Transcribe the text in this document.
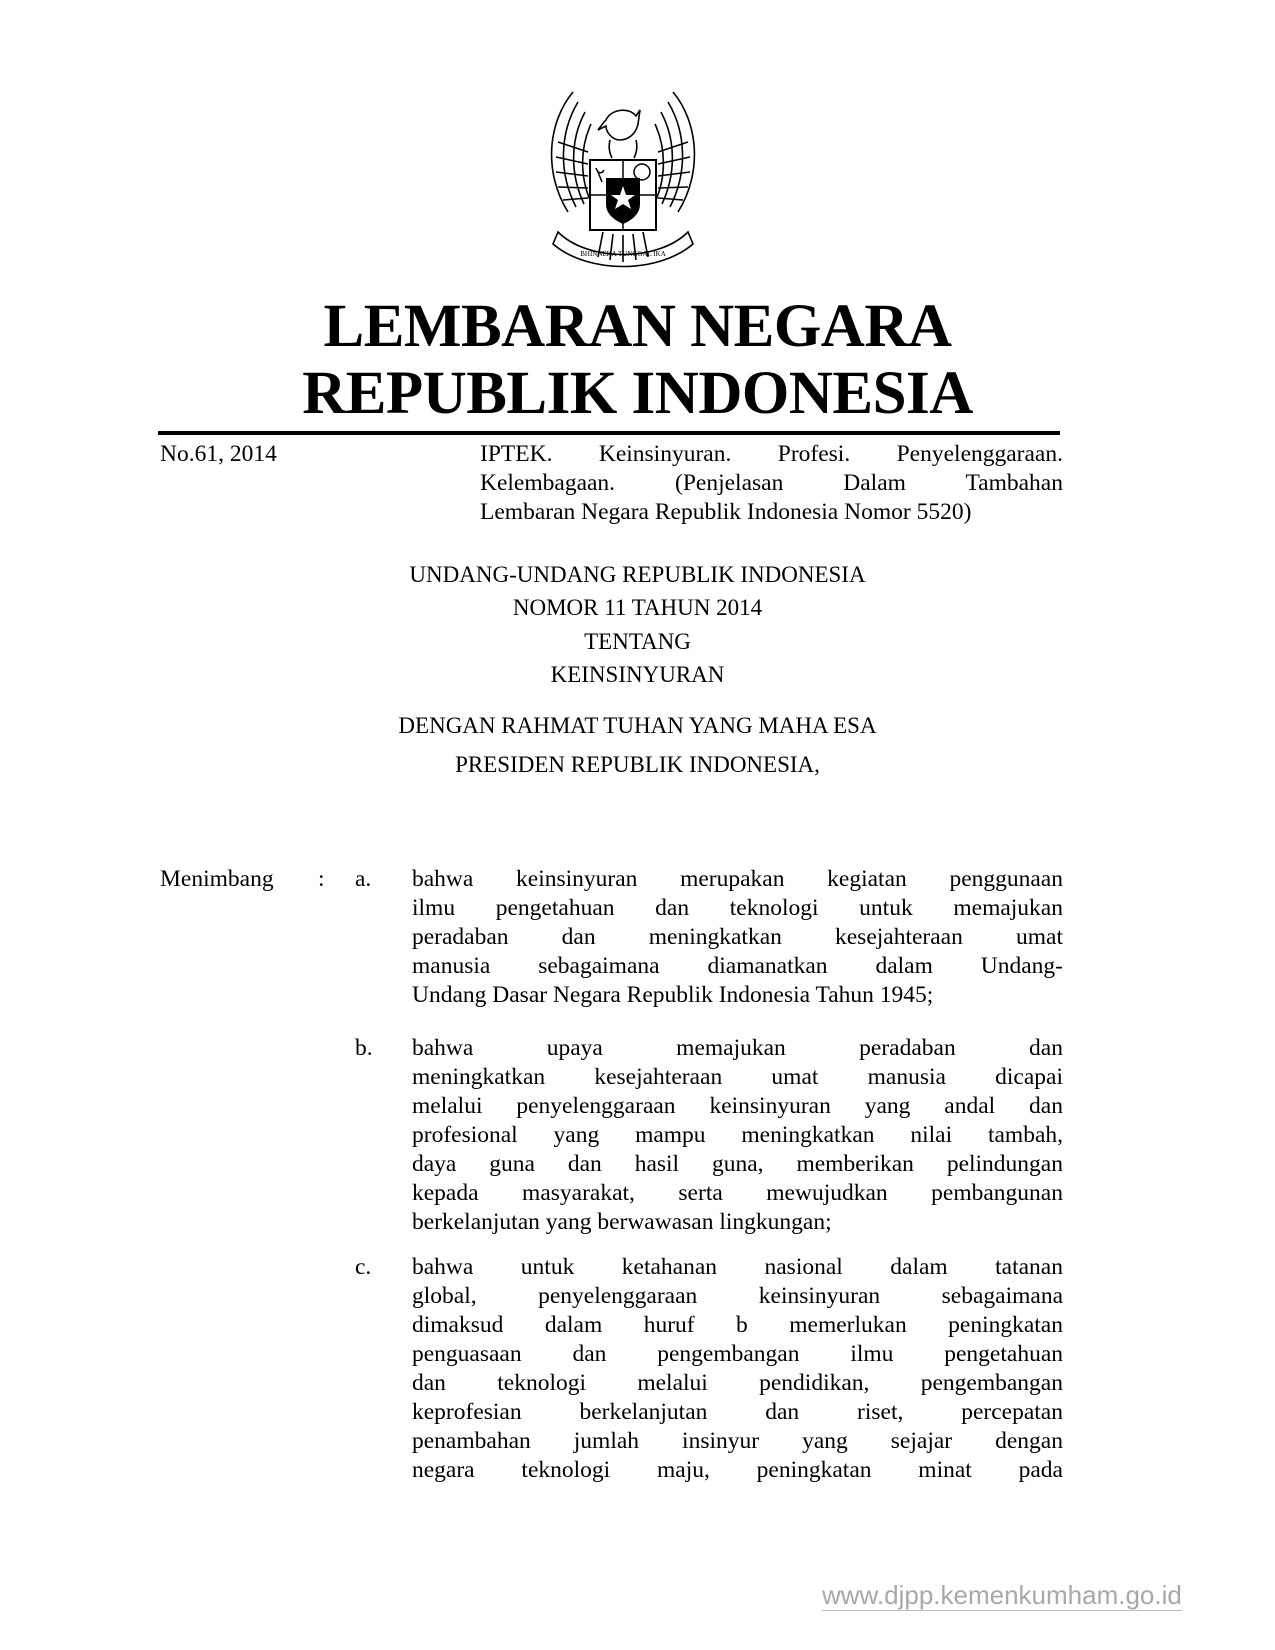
BHINNEKA TUNGGAL IKA
LEMBARAN NEGARA
REPUBLIK INDONESIA
No.61, 2014	IPTEK. Keinsinyuran. Profesi. Penyelenggaraan.
Kelembagaan. (Penjelasan Dalam Tambahan
Lembaran Negara Republik Indonesia Nomor 5520)
UNDANG-UNDANG REPUBLIK INDONESIA
NOMOR 11 TAHUN 2014
TENTANG
KEINSINYURAN
DENGAN RAHMAT TUHAN YANG MAHA ESA
PRESIDEN REPUBLIK INDONESIA,
Menimbang : a. bahwa keinsinyuran merupakan kegiatan penggunaan
ilmu pengetahuan dan teknologi untuk memajukan
peradaban dan meningkatkan kesejahteraan umat
manusia sebagaimana diamanatkan dalam Undang-
Undang Dasar Negara Republik Indonesia Tahun 1945;
b. bahwa upaya memajukan peradaban dan
meningkatkan kesejahteraan umat manusia dicapai
melalui penyelenggaraan keinsinyuran yang andal dan
profesional yang mampu meningkatkan nilai tambah,
daya guna dan hasil guna, memberikan pelindungan
kepada masyarakat, serta mewujudkan pembangunan
berkelanjutan yang berwawasan lingkungan;
c. bahwa untuk ketahanan nasional dalam tatanan
global, penyelenggaraan keinsinyuran sebagaimana
dimaksud dalam huruf b memerlukan peningkatan
penguasaan dan pengembangan ilmu pengetahuan
dan teknologi melalui pendidikan, pengembangan
keprofesian berkelanjutan dan riset, percepatan
penambahan jumlah insinyur yang sejajar dengan
negara teknologi maju, peningkatan minat pada
www.djpp.kemenkumham.go.id
